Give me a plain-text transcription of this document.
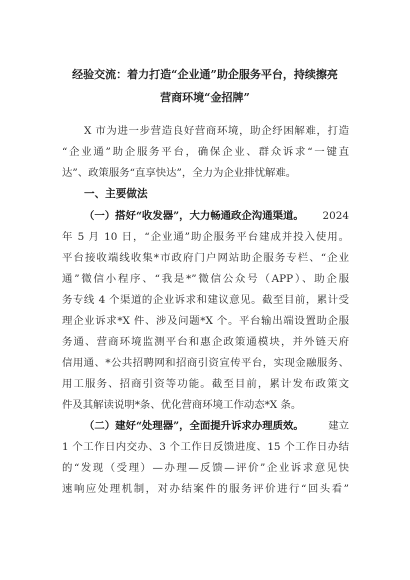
经验交流：着力打造“企业通”助企服务平台，持续擦亮
营商环境“金招牌”
X 市为进一步营造良好营商环境，助企纾困解难，打造
“企业通”助企服务平台，确保企业、群众诉求“一键直
达”、政策服务“直享快达”，全力为企业排忧解难。
一、主要做法
（一）搭好“收发器”，大力畅通政企沟通渠道。 2024
年 5 月 10 日，“企业通”助企服务平台建成并投入使用。
平台接收端线收集*市政府门户网站助企服务专栏、“企业
通”微信小程序、“我是*”微信公众号（APP）、助企服
务专线 4 个渠道的企业诉求和建议意见。截至目前，累计受
理企业诉求*X 件、涉及问题*X 个。平台输出端设置助企服
务通、营商环境监测平台和惠企政策通模块，并外链天府
信用通、*公共招聘网和招商引资宣传平台，实现金融服务、
用工服务、招商引资等功能。截至目前，累计发布政策文
件及其解读说明*条、优化营商环境工作动态*X 条。
（二）建好“处理器”，全面提升诉求办理质效。 建立
1 个工作日内交办、3 个工作日反馈进度、15 个工作日办结
的“发现（受理）—办理—反馈—评价”企业诉求意见快
速响应处理机制，对办结案件的服务评价进行“回头看”
